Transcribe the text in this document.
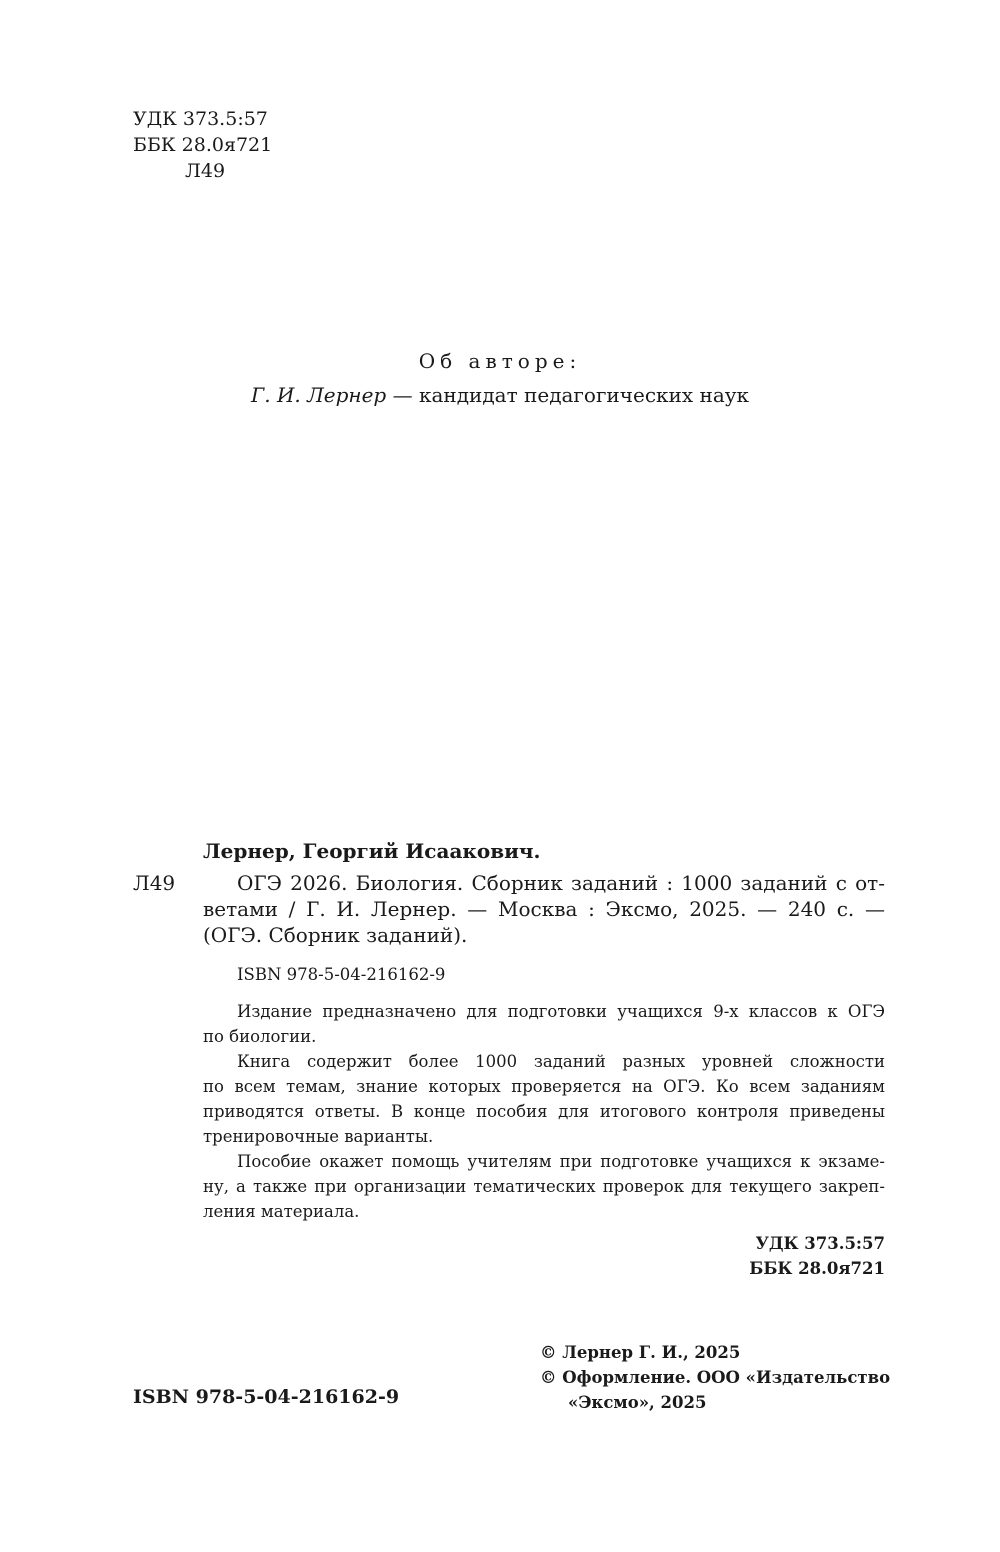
УДК 373.5:57
ББК 28.0я721
Л49
Об авторе:
Г. И. Лернер — кандидат педагогических наук
Лернер, Георгий Исаакович.
Л49	ОГЭ 2026. Биология. Сборник заданий : 1000 заданий с от-
ветами / Г. И. Лернер. — Москва : Эксмо, 2025. — 240 с. —
(ОГЭ. Сборник заданий).
ISBN 978-5-04-216162-9
Издание предназначено для подготовки учащихся 9-х классов к ОГЭ
по биологии.
Книга содержит более 1000 заданий разных уровней сложности
по всем темам, знание которых проверяется на ОГЭ. Ко всем заданиям
приводятся ответы. В конце пособия для итогового контроля приведены
тренировочные варианты.
Пособие окажет помощь учителям при подготовке учащихся к экзаме-
ну, а также при организации тематических проверок для текущего закреп-
ления материала.
УДК 373.5:57
ББК 28.0я721
© Лернер Г. И., 2025
© Оформление. ООО «Издательство
«Эксмо», 2025
ISBN 978-5-04-216162-9
